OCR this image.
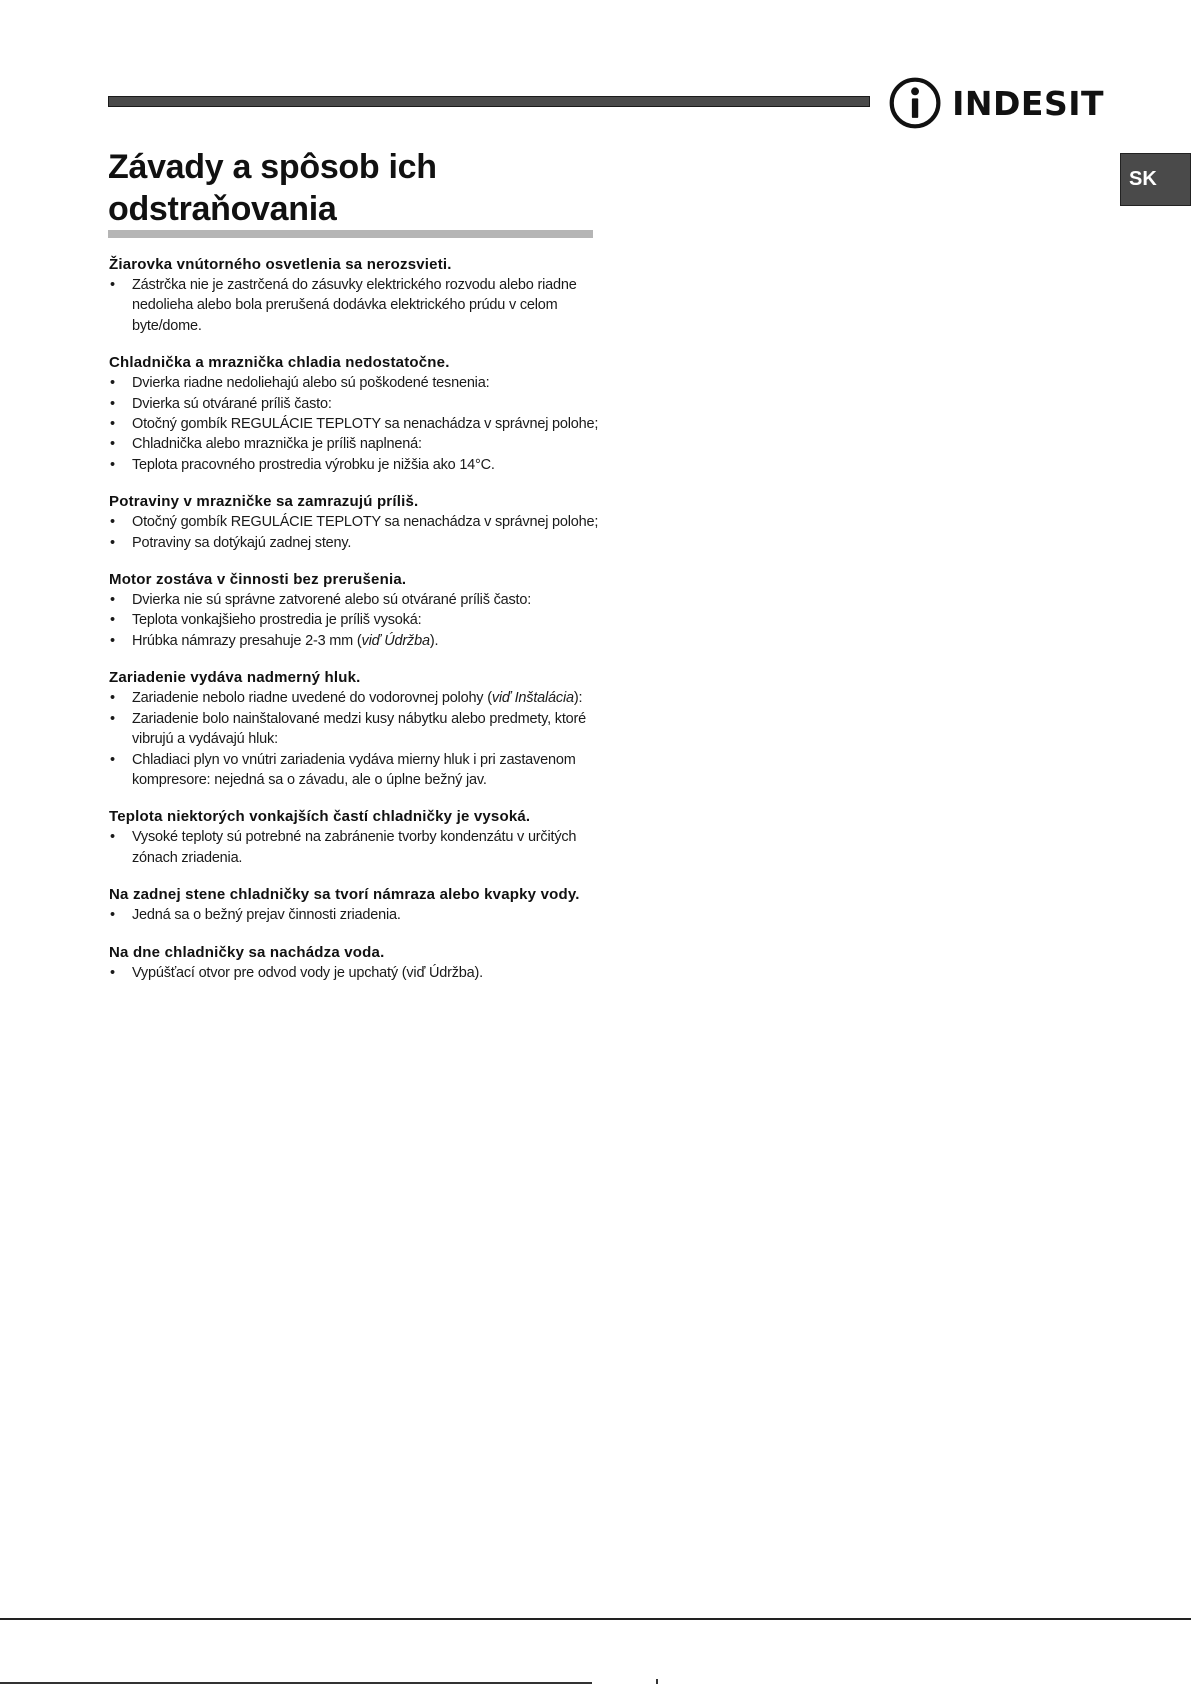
INDESIT
SK
Závady a spôsob ich
odstraňovania
Žiarovka vnútorného osvetlenia sa nerozsvieti.
• Zástrčka nie je zastrčená do zásuvky elektrického rozvodu alebo riadne nedolieha alebo bola prerušená dodávka elektrického prúdu v celom byte/dome.
Chladnička a mraznička chladia nedostatočne.
• Dvierka riadne nedoliehajú alebo sú poškodené tesnenia:
• Dvierka sú otvárané príliš často:
• Otočný gombík REGULÁCIE TEPLOTY sa nenachádza v správnej polohe;
• Chladnička alebo mraznička je príliš naplnená:
• Teplota pracovného prostredia výrobku je nižšia ako 14°C.
Potraviny v mrazničke sa zamrazujú príliš.
• Otočný gombík REGULÁCIE TEPLOTY sa nenachádza v správnej polohe;
• Potraviny sa dotýkajú zadnej steny.
Motor zostáva v činnosti bez prerušenia.
• Dvierka nie sú správne zatvorené alebo sú otvárané príliš často:
• Teplota vonkajšieho prostredia je príliš vysoká:
• Hrúbka námrazy presahuje 2-3 mm (viď Údržba).
Zariadenie vydáva nadmerný hluk.
• Zariadenie nebolo riadne uvedené do vodorovnej polohy (viď Inštalácia):
• Zariadenie bolo nainštalované medzi kusy nábytku alebo predmety, ktoré vibrujú a vydávajú hluk:
• Chladiaci plyn vo vnútri zariadenia vydáva mierny hluk i pri zastavenom kompresore: nejedná sa o závadu, ale o úplne bežný jav.
Teplota niektorých vonkajších častí chladničky je vysoká.
• Vysoké teploty sú potrebné na zabránenie tvorby kondenzátu v určitých zónach zriadenia.
Na zadnej stene chladničky sa tvorí námraza alebo kvapky vody.
• Jedná sa o bežný prejav činnosti zriadenia.
Na dne chladničky sa nachádza voda.
• Vypúšťací otvor pre odvod vody je upchatý (viď Údržba).
